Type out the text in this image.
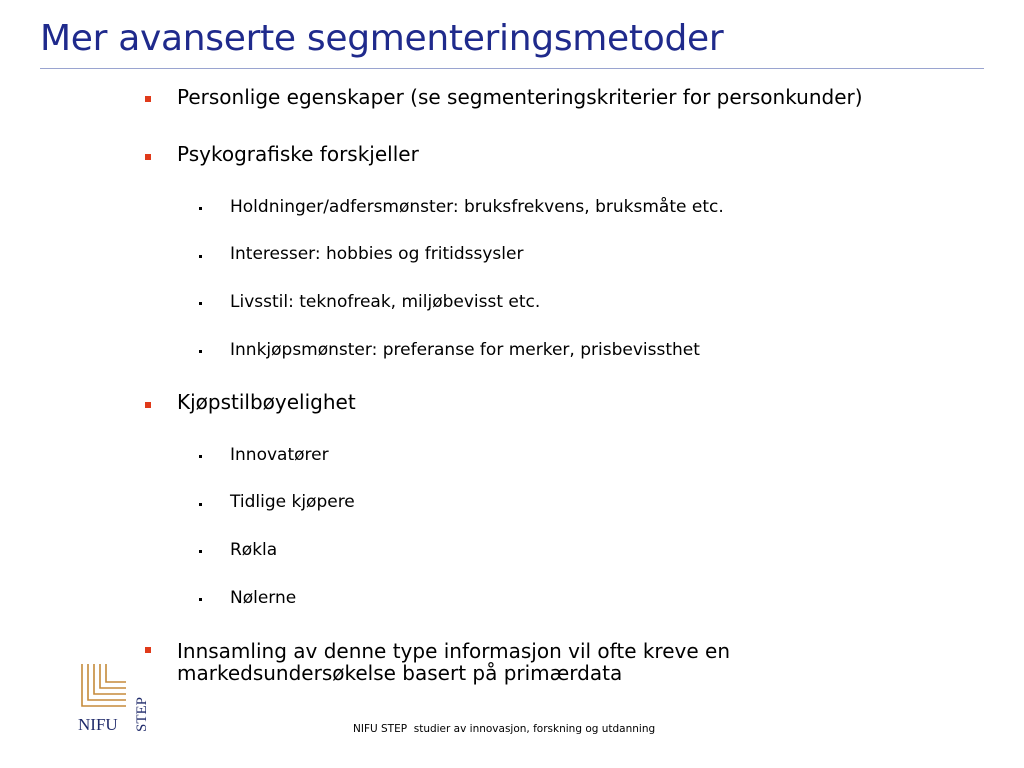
Mer avanserte segmenteringsmetoder
Personlige egenskaper (se segmenteringskriterier for personkunder)
Psykografiske forskjeller
Holdninger/adfersmønster: bruksfrekvens, bruksmåte etc.
Interesser: hobbies og fritidssysler
Livsstil: teknofreak, miljøbevisst etc.
Innkjøpsmønster: preferanse for merker, prisbevissthet
Kjøpstilbøyelighet
Innovatører
Tidlige kjøpere
Røkla
Nølerne
Innsamling av denne type informasjon vil ofte kreve en
markedsundersøkelse basert på primærdata
NIFU STEP	NIFU STEP  studier av innovasjon, forskning og utdanning
